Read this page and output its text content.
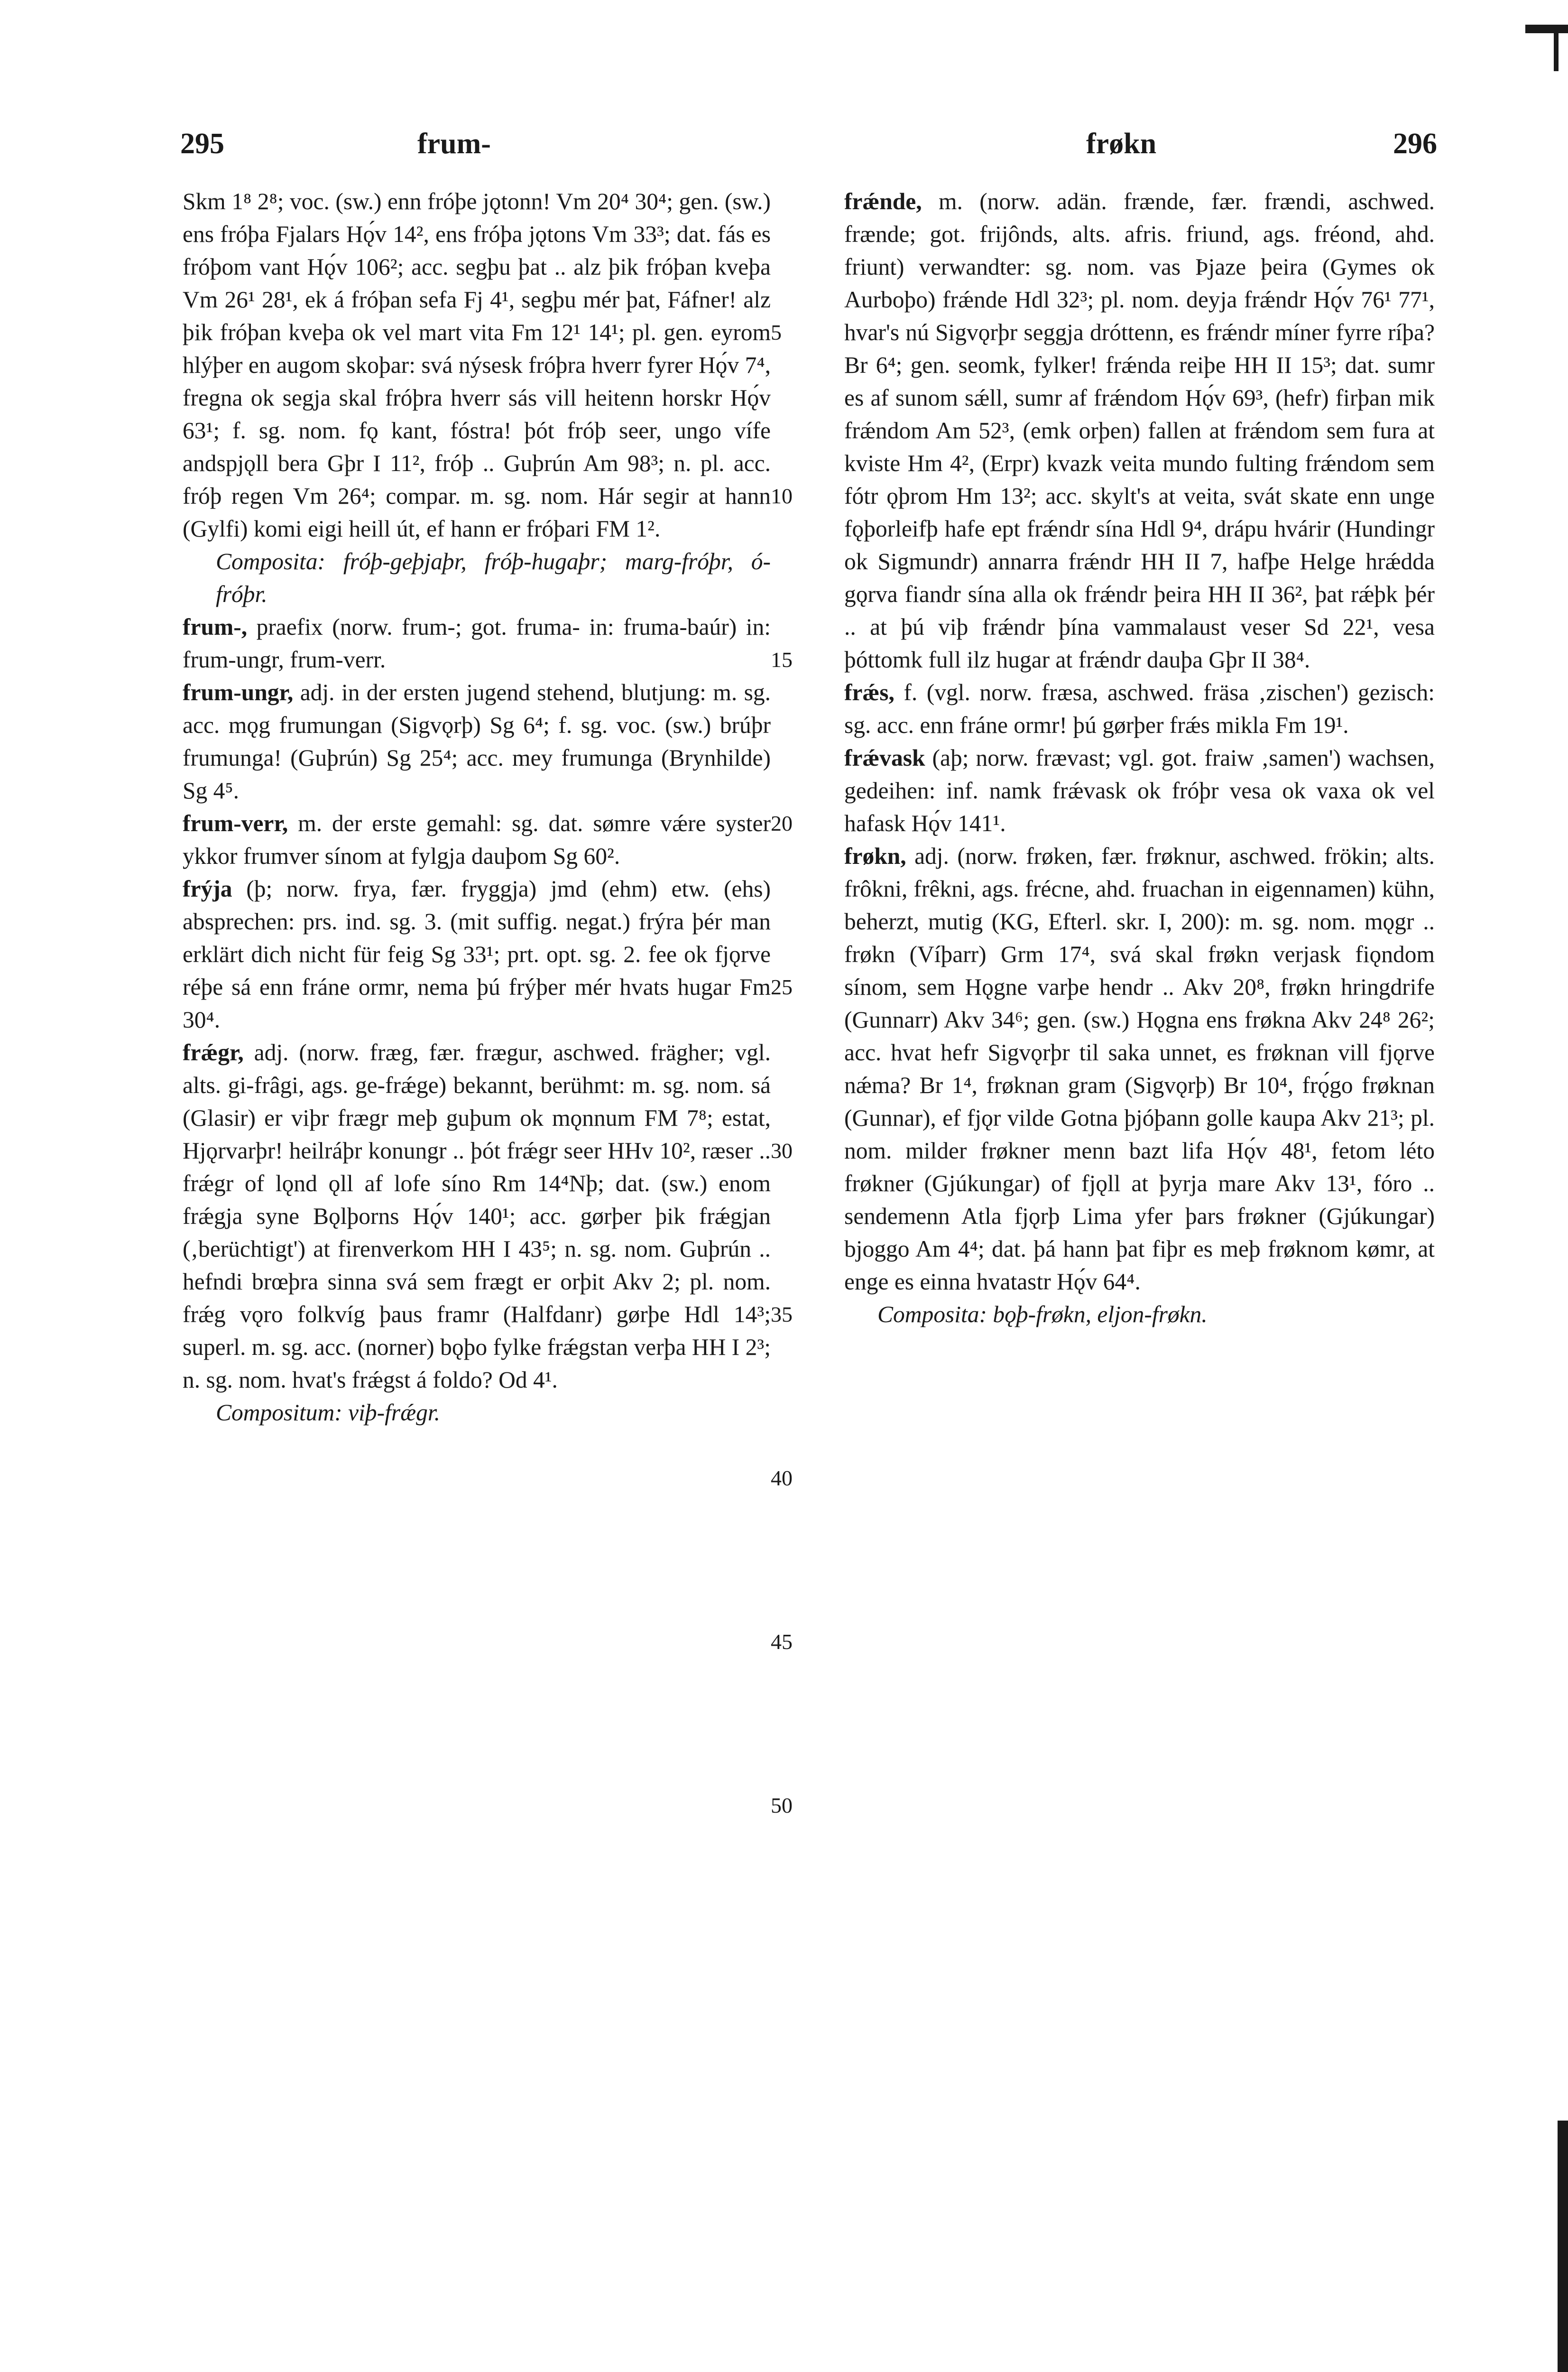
295	frum-	frøkn	296

Skm 1⁸ 2⁸; voc. (sw.) enn fróþe jǫtonn! Vm 20⁴ 30⁴; gen. (sw.) ens fróþa Fjalars Hǫ́v 14², ens fróþa jǫtons Vm 33³; dat. fás es fróþom vant Hǫ́v 106²; acc. segþu þat .. alz þik fróþan kveþa Vm 26¹ 28¹, ek á fróþan sefa Fj 4¹, segþu mér þat, Fáfner! alz þik fróþan kveþa ok vel mart vita Fm 12¹ 14¹; pl. gen. eyrom hlýþer en augom skoþar: svá nýsesk fróþra hverr fyrer Hǫ́v 7⁴, fregna ok segja skal fróþra hverr sás vill heitenn horskr Hǫ́v 63¹; f. sg. nom. fǫ kant, fóstra! þót fróþ seer, ungo vífe andspjǫll bera Gþr I 11², fróþ .. Guþrún Am 98³; n. pl. acc. fróþ regen Vm 26⁴; compar. m. sg. nom. Hár segir at hann (Gylfi) komi eigi heill út, ef hann er fróþari FM 1².

Composita: fróþ-geþjaþr, fróþ-hugaþr; marg-fróþr, ó-fróþr.

frum-, praefix (norw. frum-; got. fruma- in: fruma-baúr) in: frum-ungr, frum-verr.

frum-ungr, adj. in der ersten jugend stehend, blutjung: m. sg. acc. mǫg frumungan (Sigvǫrþ) Sg 6⁴; f. sg. voc. (sw.) brúþr frumunga! (Guþrún) Sg 25⁴; acc. mey frumunga (Brynhilde) Sg 4⁵.

frum-verr, m. der erste gemahl: sg. dat. sømre vǽre syster ykkor frumver sínom at fylgja dauþom Sg 60².

frýja (þ; norw. frya, fær. fryggja) jmd (ehm) etw. (ehs) absprechen: prs. ind. sg. 3. (mit suffig. negat.) frýra þér man erklärt dich nicht für feig Sg 33¹; prt. opt. sg. 2. fee ok fjǫrve réþe sá enn fráne ormr, nema þú frýþer mér hvats hugar Fm 30⁴.

frǽgr, adj. (norw. fræg, fær. frægur, aschwed. frägher; vgl. alts. gi-frâgi, ags. ge-frǽge) bekannt, berühmt: m. sg. nom. sá (Glasir) er viþr frægr meþ guþum ok mǫnnum FM 7⁸; estat, Hjǫrvarþr! heilráþr konungr .. þót frǽgr seer HHv 10², ræser .. frǽgr of lǫnd ǫll af lofe síno Rm 14⁴Nþ; dat. (sw.) enom frǽgja syne Bǫlþorns Hǫ́v 140¹; acc. gørþer þik frǽgjan (‚berüchtigt') at firenverkom HH I 43⁵; n. sg. nom. Guþrún .. hefndi brœþra sinna svá sem frægt er orþit Akv 2; pl. nom. frǽg vǫro folkvíg þaus framr (Halfdanr) gørþe Hdl 14³; superl. m. sg. acc. (norner) bǫþo fylke frǽgstan verþa HH I 2³; n. sg. nom. hvat's frǽgst á foldo? Od 4¹.

Compositum: viþ-frǽgr.

5
10
15
20
25
30
35
40
45
50

frǽnde, m. (norw. adän. frænde, fær. frændi, aschwed. frænde; got. frijônds, alts. afris. friund, ags. fréond, ahd. friunt) verwandter: sg. nom. vas Þjaze þeira (Gymes ok Aurboþo) frǽnde Hdl 32³; pl. nom. deyja frǽndr Hǫ́v 76¹ 77¹, hvar's nú Sigvǫrþr seggja dróttenn, es frǽndr míner fyrre ríþa? Br 6⁴; gen. seomk, fylker! frǽnda reiþe HH II 15³; dat. sumr es af sunom sǽll, sumr af frǽndom Hǫ́v 69³, (hefr) firþan mik frǽndom Am 52³, (emk orþen) fallen at frǽndom sem fura at kviste Hm 4², (Erpr) kvazk veita mundo fulting frǽndom sem fótr ǫþrom Hm 13²; acc. skylt's at veita, svát skate enn unge fǫþorleifþ hafe ept frǽndr sína Hdl 9⁴, drápu hvárir (Hundingr ok Sigmundr) annarra frǽndr HH II 7, hafþe Helge hrǽdda gǫrva fiandr sína alla ok frǽndr þeira HH II 36², þat rǽþk þér .. at þú viþ frǽndr þína vammalaust veser Sd 22¹, vesa þóttomk full ilz hugar at frǽndr dauþa Gþr II 38⁴.

frǽs, f. (vgl. norw. fræsa, aschwed. fräsa ‚zischen') gezisch: sg. acc. enn fráne ormr! þú gørþer frǽs mikla Fm 19¹.

frǽvask (aþ; norw. frævast; vgl. got. fraiw ‚samen') wachsen, gedeihen: inf. namk frǽvask ok fróþr vesa ok vaxa ok vel hafask Hǫ́v 141¹.

frøkn, adj. (norw. frøken, fær. frøknur, aschwed. frökin; alts. frôkni, frêkni, ags. frécne, ahd. fruachan in eigennamen) kühn, beherzt, mutig (KG, Efterl. skr. I, 200): m. sg. nom. mǫgr .. frøkn (Víþarr) Grm 17⁴, svá skal frøkn verjask fiǫndom sínom, sem Hǫgne varþe hendr .. Akv 20⁸, frøkn hringdrife (Gunnarr) Akv 34⁶; gen. (sw.) Hǫgna ens frøkna Akv 24⁸ 26²; acc. hvat hefr Sigvǫrþr til saka unnet, es frøknan vill fjǫrve nǽma? Br 1⁴, frøknan gram (Sigvǫrþ) Br 10⁴, frǫ́go frøknan (Gunnar), ef fjǫr vilde Gotna þjóþann golle kaupa Akv 21³; pl. nom. milder frøkner menn bazt lifa Hǫ́v 48¹, fetom léto frøkner (Gjúkungar) of fjǫll at þyrja mare Akv 13¹, fóro .. sendemenn Atla fjǫrþ Lima yfer þars frøkner (Gjúkungar) bjoggo Am 4⁴; dat. þá hann þat fiþr es meþ frøknom kømr, at enge es einna hvatastr Hǫ́v 64⁴.

Composita: bǫþ-frøkn, eljon-frøkn.
